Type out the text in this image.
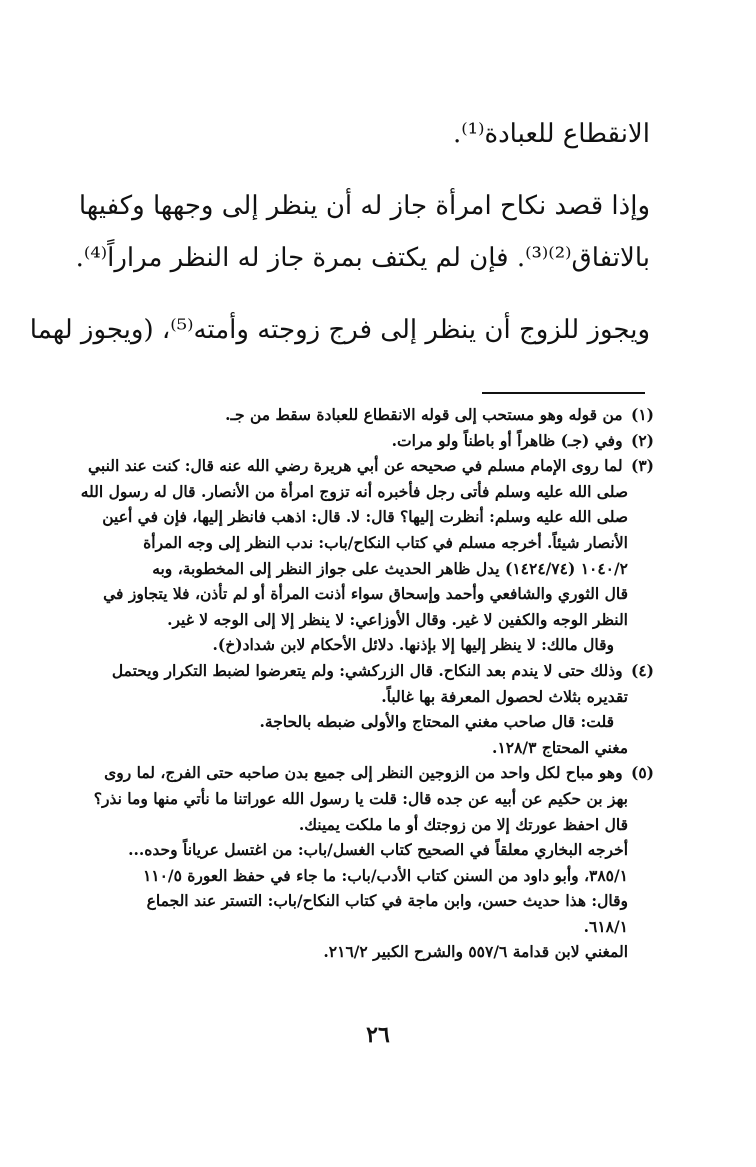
الانقطاع للعبادة⁽¹⁾.
وإذا قصد نكاح امرأة جاز له أن ينظر إلى وجهها وكفيها
بالاتفاق⁽²⁾⁽³⁾. فإن لم يكتف بمرة جاز له النظر مراراً⁽⁴⁾.
ويجوز للزوج أن ينظر إلى فرج زوجته وأمته⁽⁵⁾، (ويجوز لهما
(١) من قوله وهو مستحب إلى قوله الانقطاع للعبادة سقط من جـ.
(٢) وفي (جـ) ظاهراً أو باطناً ولو مرات.
(٣) لما روى الإمام مسلم في صحيحه عن أبي هريرة رضي الله عنه قال: كنت عند النبي
صلى الله عليه وسلم فأتى رجل فأخبره أنه تزوج امرأة من الأنصار. قال له رسول الله
صلى الله عليه وسلم: أنظرت إليها؟ قال: لا. قال: اذهب فانظر إليها، فإن في أعين
الأنصار شيئاً. أخرجه مسلم في كتاب النكاح/باب: ندب النظر إلى وجه المرأة
١٠٤٠/٢ (١٤٢٤/٧٤) يدل ظاهر الحديث على جواز النظر إلى المخطوبة، وبه
قال الثوري والشافعي وأحمد وإسحاق سواء أذنت المرأة أو لم تأذن، فلا يتجاوز في
النظر الوجه والكفين لا غير. وقال الأوزاعي: لا ينظر إلا إلى الوجه لا غير.
وقال مالك: لا ينظر إليها إلا بإذنها. دلائل الأحكام لابن شداد(خ).
(٤) وذلك حتى لا يندم بعد النكاح. قال الزركشي: ولم يتعرضوا لضبط التكرار ويحتمل
تقديره بثلاث لحصول المعرفة بها غالباً.
قلت: قال صاحب مغني المحتاج والأولى ضبطه بالحاجة.
مغني المحتاج ١٢٨/٣.
(٥) وهو مباح لكل واحد من الزوجين النظر إلى جميع بدن صاحبه حتى الفرج، لما روى
بهز بن حكيم عن أبيه عن جده قال: قلت يا رسول الله عوراتنا ما نأتي منها وما نذر؟
قال احفظ عورتك إلا من زوجتك أو ما ملكت يمينك.
أخرجه البخاري معلقاً في الصحيح كتاب الغسل/باب: من اغتسل عرياناً وحده...
٣٨٥/١، وأبو داود من السنن كتاب الأدب/باب: ما جاء في حفظ العورة ١١٠/٥
وقال: هذا حديث حسن، وابن ماجة في كتاب النكاح/باب: التستر عند الجماع
٦١٨/١.
المغني لابن قدامة ٥٥٧/٦ والشرح الكبير ٢١٦/٢.
٢٦
